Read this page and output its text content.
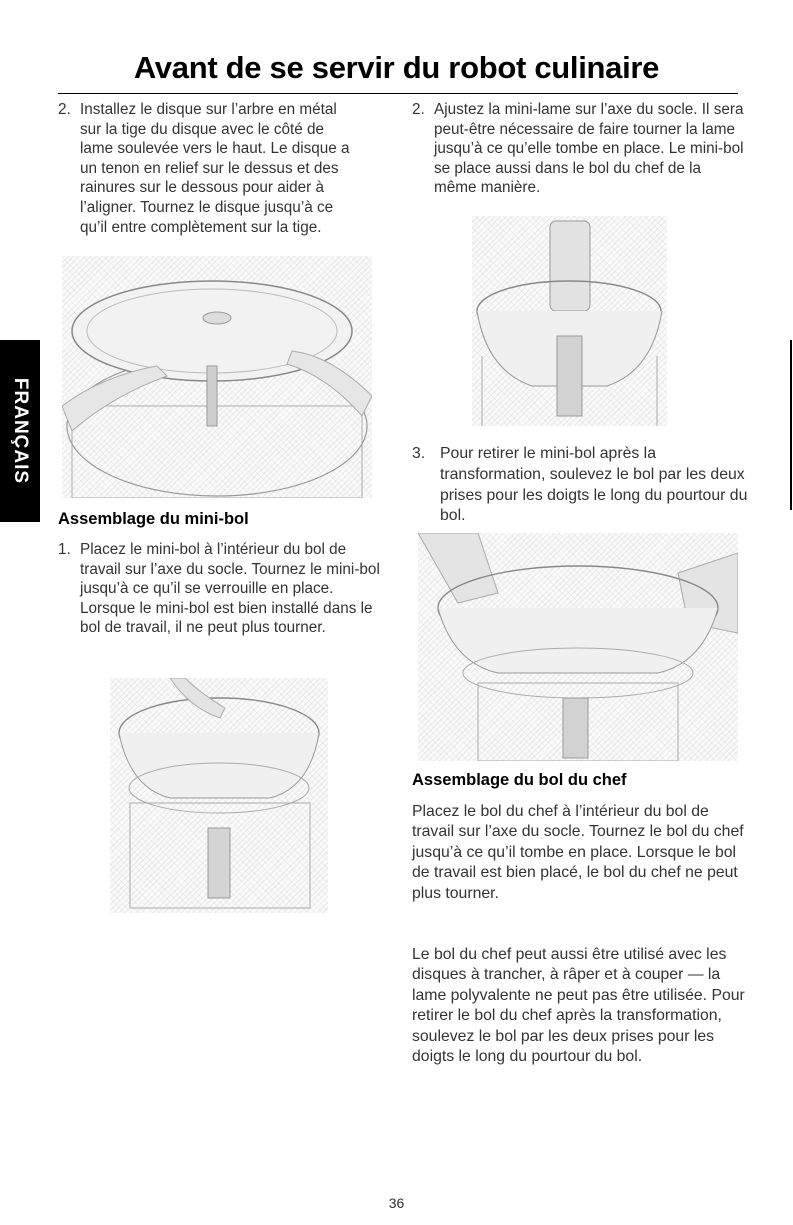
Avant de se servir du robot culinaire
FRANÇAIS
2. Installez le disque sur l’arbre en métal sur la tige du disque avec le côté de lame soulevée vers le haut. Le disque a un tenon en relief sur le dessus et des rainures sur le dessous pour aider à l’aligner. Tournez le disque jusqu’à ce qu’il entre complètement sur la tige.
Assemblage du mini-bol
1. Placez le mini-bol à l’intérieur du bol de travail sur l’axe du socle. Tournez le mini-bol jusqu’à ce qu’il se verrouille en place. Lorsque le mini-bol est bien installé dans le bol de travail, il ne peut plus tourner.
2. Ajustez la mini-lame sur l’axe du socle. Il sera peut-être nécessaire de faire tourner la lame jusqu’à ce qu’elle tombe en place. Le mini-bol se place aussi dans le bol du chef de la même manière.
3. Pour retirer le mini-bol après la transformation, soulevez le bol par les deux prises pour les doigts le long du pourtour du bol.
Assemblage du bol du chef
Placez le bol du chef à l’intérieur du bol de travail sur l’axe du socle. Tournez le bol du chef jusqu’à ce qu’il tombe en place. Lorsque le bol de travail est bien placé, le bol du chef ne peut plus tourner.
Le bol du chef peut aussi être utilisé avec les disques à trancher, à râper et à couper — la lame polyvalente ne peut pas être utilisée. Pour retirer le bol du chef après la transformation, soulevez le bol par les deux prises pour les doigts le long du pourtour du bol.
36
